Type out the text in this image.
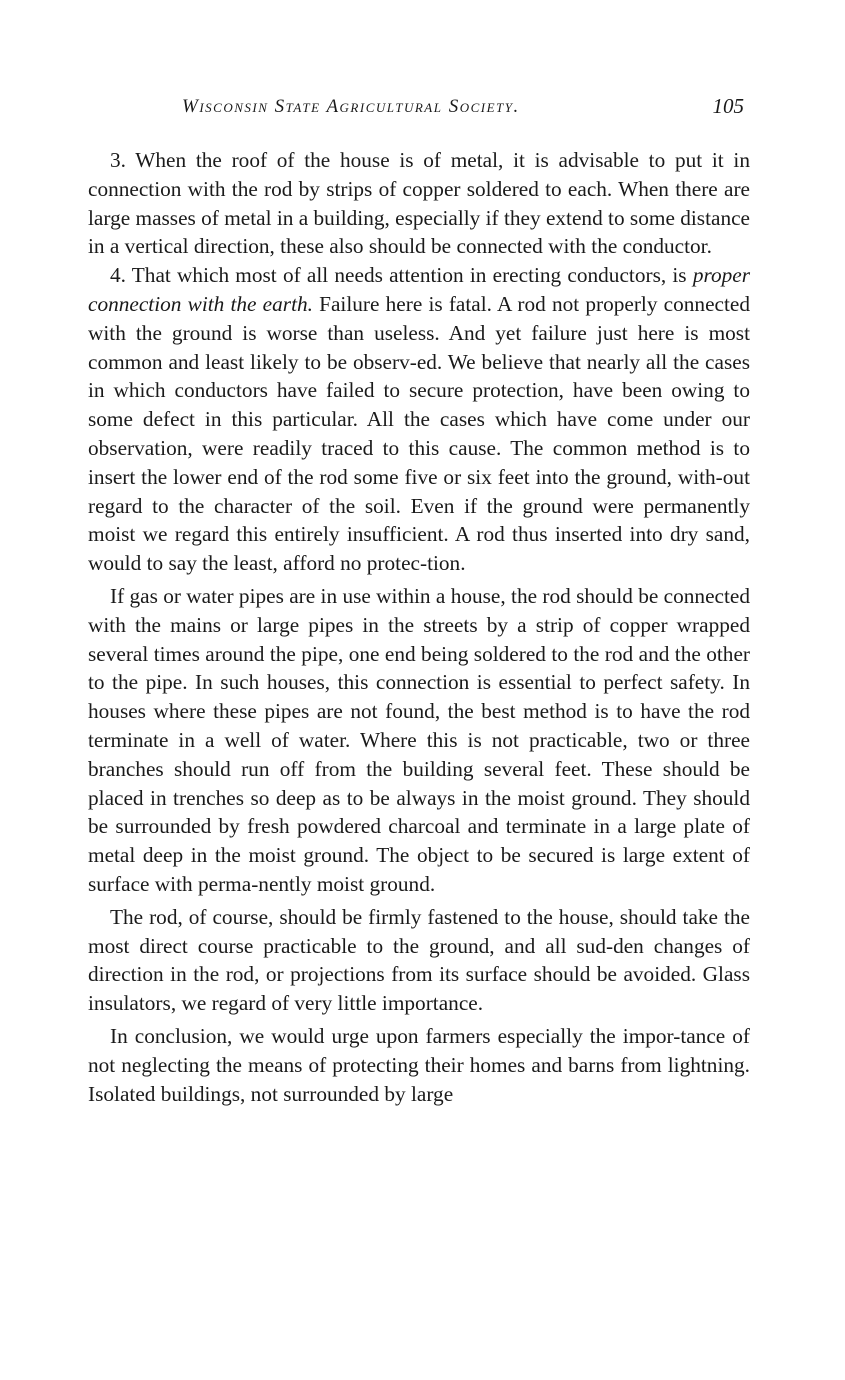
Wisconsin State Agricultural Society.	105

3. When the roof of the house is of metal, it is advisable to put it in connection with the rod by strips of copper soldered to each. When there are large masses of metal in a building, especially if they extend to some distance in a vertical direction, these also should be connected with the conductor.

4. That which most of all needs attention in erecting conductors, is proper connection with the earth. Failure here is fatal. A rod not properly connected with the ground is worse than useless. And yet failure just here is most common and least likely to be observ-ed. We believe that nearly all the cases in which conductors have failed to secure protection, have been owing to some defect in this particular. All the cases which have come under our observation, were readily traced to this cause. The common method is to insert the lower end of the rod some five or six feet into the ground, with-out regard to the character of the soil. Even if the ground were permanently moist we regard this entirely insufficient. A rod thus inserted into dry sand, would to say the least, afford no protec-tion.

If gas or water pipes are in use within a house, the rod should be connected with the mains or large pipes in the streets by a strip of copper wrapped several times around the pipe, one end being soldered to the rod and the other to the pipe. In such houses, this connection is essential to perfect safety. In houses where these pipes are not found, the best method is to have the rod terminate in a well of water. Where this is not practicable, two or three branches should run off from the building several feet. These should be placed in trenches so deep as to be always in the moist ground. They should be surrounded by fresh powdered charcoal and terminate in a large plate of metal deep in the moist ground. The object to be secured is large extent of surface with perma-nently moist ground.

The rod, of course, should be firmly fastened to the house, should take the most direct course practicable to the ground, and all sud-den changes of direction in the rod, or projections from its surface should be avoided. Glass insulators, we regard of very little importance.

In conclusion, we would urge upon farmers especially the impor-tance of not neglecting the means of protecting their homes and barns from lightning. Isolated buildings, not surrounded by large
